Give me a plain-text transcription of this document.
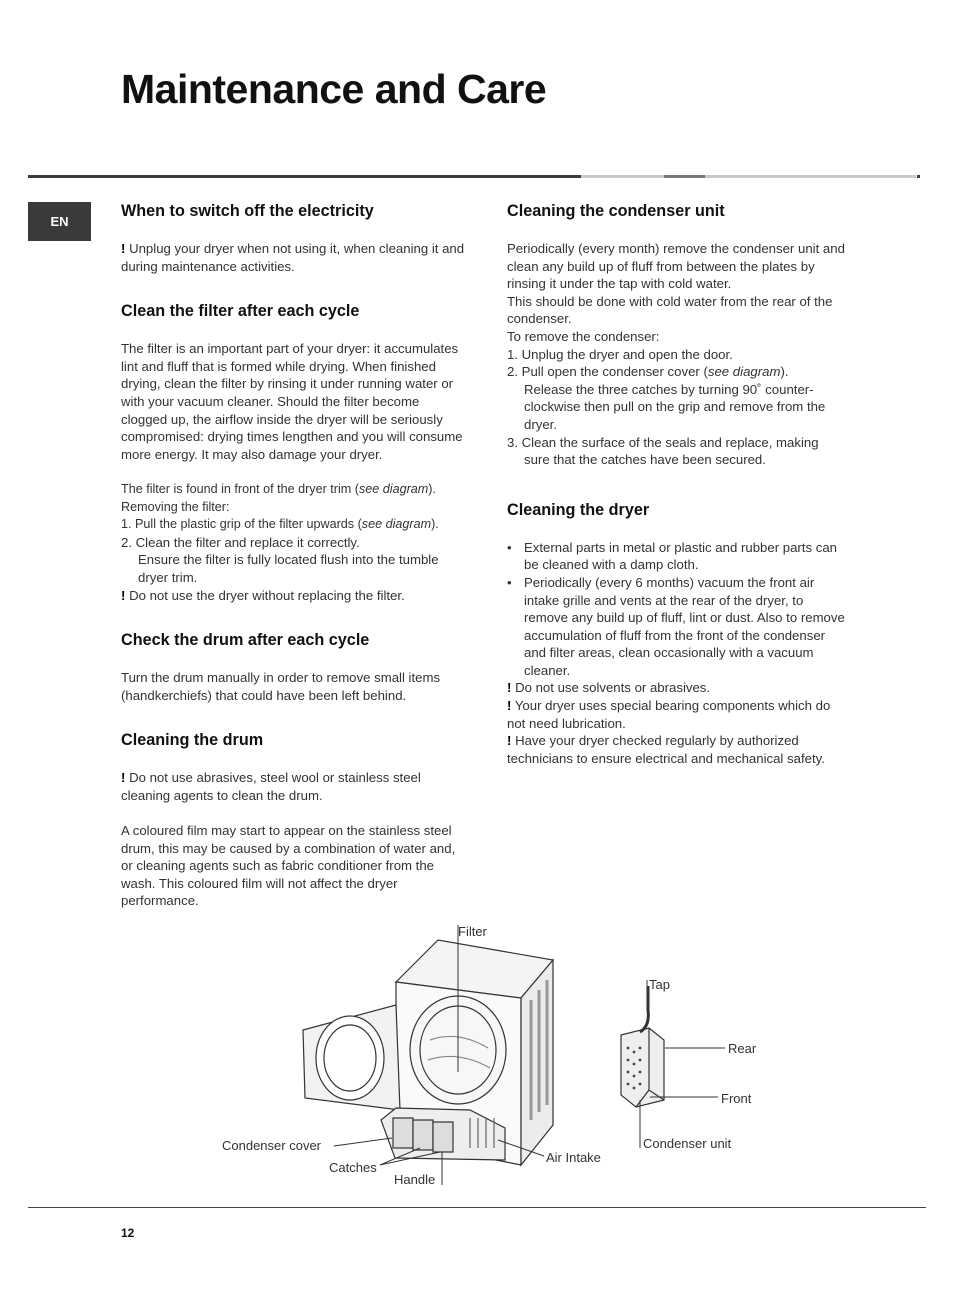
Maintenance and Care
EN
When to switch off the electricity

! Unplug your dryer when not using it, when cleaning it and during maintenance activities.

Clean the filter after each cycle

The filter is an important part of your dryer: it accumulates lint and fluff that is formed while drying. When finished drying, clean the filter by rinsing it under running water or with your vacuum cleaner. Should the filter become clogged up, the airflow inside the dryer will be seriously compromised: drying times lengthen and you will consume more energy. It may also damage your dryer.

The filter is found in front of the dryer trim (see diagram).

Removing the filter:

1. Pull the plastic grip of the filter upwards (see diagram).

2. Clean the filter and replace it correctly.

Ensure the filter is fully located flush into the tumble dryer trim.

! Do not use the dryer without replacing the filter.

Check the drum after each cycle

Turn the drum manually in order to remove small items (handkerchiefs) that could have been left behind.

Cleaning the drum

! Do not use abrasives, steel wool or stainless steel cleaning agents to clean the drum.

A coloured film may start to appear on the stainless steel drum, this may be caused by a combination of water and, or cleaning agents such as fabric conditioner from the wash. This coloured film will not affect the dryer performance.

Cleaning the condenser unit

Periodically (every month) remove the condenser unit and clean any build up of fluff from between the plates by rinsing it under the tap with cold water.

This should be done with cold water from the rear of the condenser.

To remove the condenser:

1. Unplug the dryer and open the door.

2. Pull open the condenser cover (see diagram).

Release the three catches by turning 90˚ counter-clockwise then pull on the grip and remove from the dryer.

3. Clean the surface of the seals and replace, making

sure that the catches have been secured.

Cleaning the dryer
• External parts in metal or plastic and rubber parts can be cleaned with a damp cloth.
• Periodically (every 6 months) vacuum the front air intake grille and vents at the rear of the dryer, to remove any build up of fluff, lint or dust. Also to remove accumulation of fluff from the front of the condenser and filter areas, clean occasionally with a vacuum cleaner.

! Do not use solvents or abrasives.

! Your dryer uses special bearing components which do not need lubrication.

! Have your dryer checked regularly by authorized technicians to ensure electrical and mechanical safety.

Filter
Condenser cover
Catches
Handle
Air Intake
Tap
Rear
Front
Condenser unit
12
